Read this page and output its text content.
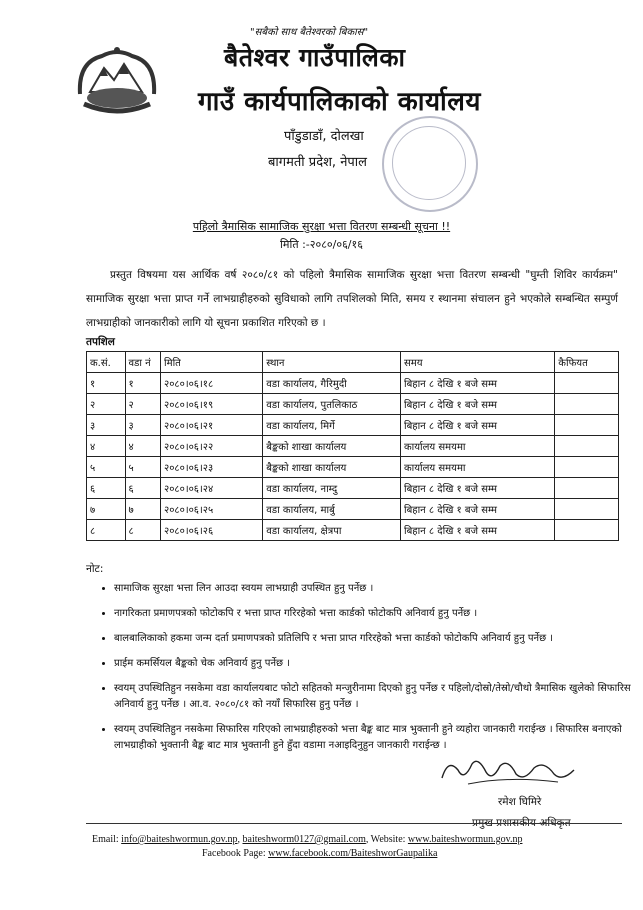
"सबैको साथ बैतेश्वरको बिकास"
बैतेश्वर गाउँपालिका
गाउँ कार्यपालिकाको कार्यालय
पाँडुडाडाँ, दोलखा
बागमती प्रदेश, नेपाल
पहिलो त्रैमासिक सामाजिक सुरक्षा भत्ता वितरण सम्बन्धी सूचना !!
मिति :-२०८०/०६/१६
प्रस्तुत विषयमा यस आर्थिक वर्ष २०८०/८१ को पहिलो त्रैमासिक सामाजिक सुरक्षा भत्ता वितरण सम्बन्धी "घुम्ती शिविर कार्यक्रम" सामाजिक सुरक्षा भत्ता प्राप्त गर्ने लाभग्राहीहरुको सुविधाको लागि तपशिलको मिति, समय र स्थानमा संचालन हुने भएकोले सम्बन्धित सम्पुर्ण लाभग्राहीको जानकारीको लागि यो सूचना प्रकाशित गरिएको छ ।
तपशिल
क.सं.	वडा नं	मिति	स्थान	समय	कैफियत
१	१	२०८०।०६।१८	वडा कार्यालय, गैरिमुदी	बिहान ८ देखि १ बजे सम्म	
२	२	२०८०।०६।१९	वडा कार्यालय, पुतलिकाठ	बिहान ८ देखि १ बजे सम्म	
३	३	२०८०।०६।२१	वडा कार्यालय, मिर्गे	बिहान ८ देखि १ बजे सम्म	
४	४	२०८०।०६।२२	बैङ्कको शाखा कार्यालय	कार्यालय समयमा	
५	५	२०८०।०६।२३	बैङ्कको शाखा कार्यालय	कार्यालय समयमा	
६	६	२०८०।०६।२४	वडा कार्यालय, नाम्दु	बिहान ८ देखि १ बजे सम्म	
७	७	२०८०।०६।२५	वडा कार्यालय, मार्बु	बिहान ८ देखि १ बजे सम्म	
८	८	२०८०।०६।२६	वडा कार्यालय, क्षेत्रपा	बिहान ८ देखि १ बजे सम्म	
नोट:
• सामाजिक सुरक्षा भत्ता लिन आउदा स्वयम लाभग्राही उपस्थित हुनु पर्नेछ ।
• नागरिकता प्रमाणपत्रको फोटोकपि र भत्ता प्राप्त गरिरहेको भत्ता कार्डको फोटोकपि अनिवार्य हुनु पर्नेछ ।
• बालबालिकाको हकमा जन्म दर्ता प्रमाणपत्रको प्रतिलिपि र भत्ता प्राप्त गरिरहेको भत्ता कार्डको फोटोकपि अनिवार्य हुनु पर्नेछ ।
• प्राईम कमर्सियल बैङ्कको चेक अनिवार्य हुनु पर्नेछ ।
• स्वयम् उपस्थितिहुन नसकेमा वडा कार्यालयबाट फोटो सहितको मन्जुरीनामा दिएको हुनु पर्नेछ र पहिलो/दोस्रो/तेस्रो/चौथो त्रैमासिक खुलेको सिफारिस अनिवार्य हुनु पर्नेछ । आ.व. २०८०/८१ को नयाँ सिफारिस हुनु पर्नेछ ।
• स्वयम् उपस्थितिहुन नसकेमा सिफारिस गरिएको लाभग्राहीहरुको भत्ता बैङ्क बाट मात्र भुक्तानी हुने व्यहोरा जानकारी गराईन्छ । सिफारिस बनाएको लाभग्राहीको भुक्तानी बैङ्क बाट मात्र भुक्तानी हुने हुँदा वडामा नआइदिनुहुन जानकारी गराईन्छ ।
रमेश घिमिरे
प्रमुख प्रशासकीय अधिकृत
Email: info@baiteshwormun.gov.np, baiteshworm0127@gmail.com, Website: www.baiteshwormun.gov.np
Facebook Page: www.facebook.com/BaiteshworGaupalika
